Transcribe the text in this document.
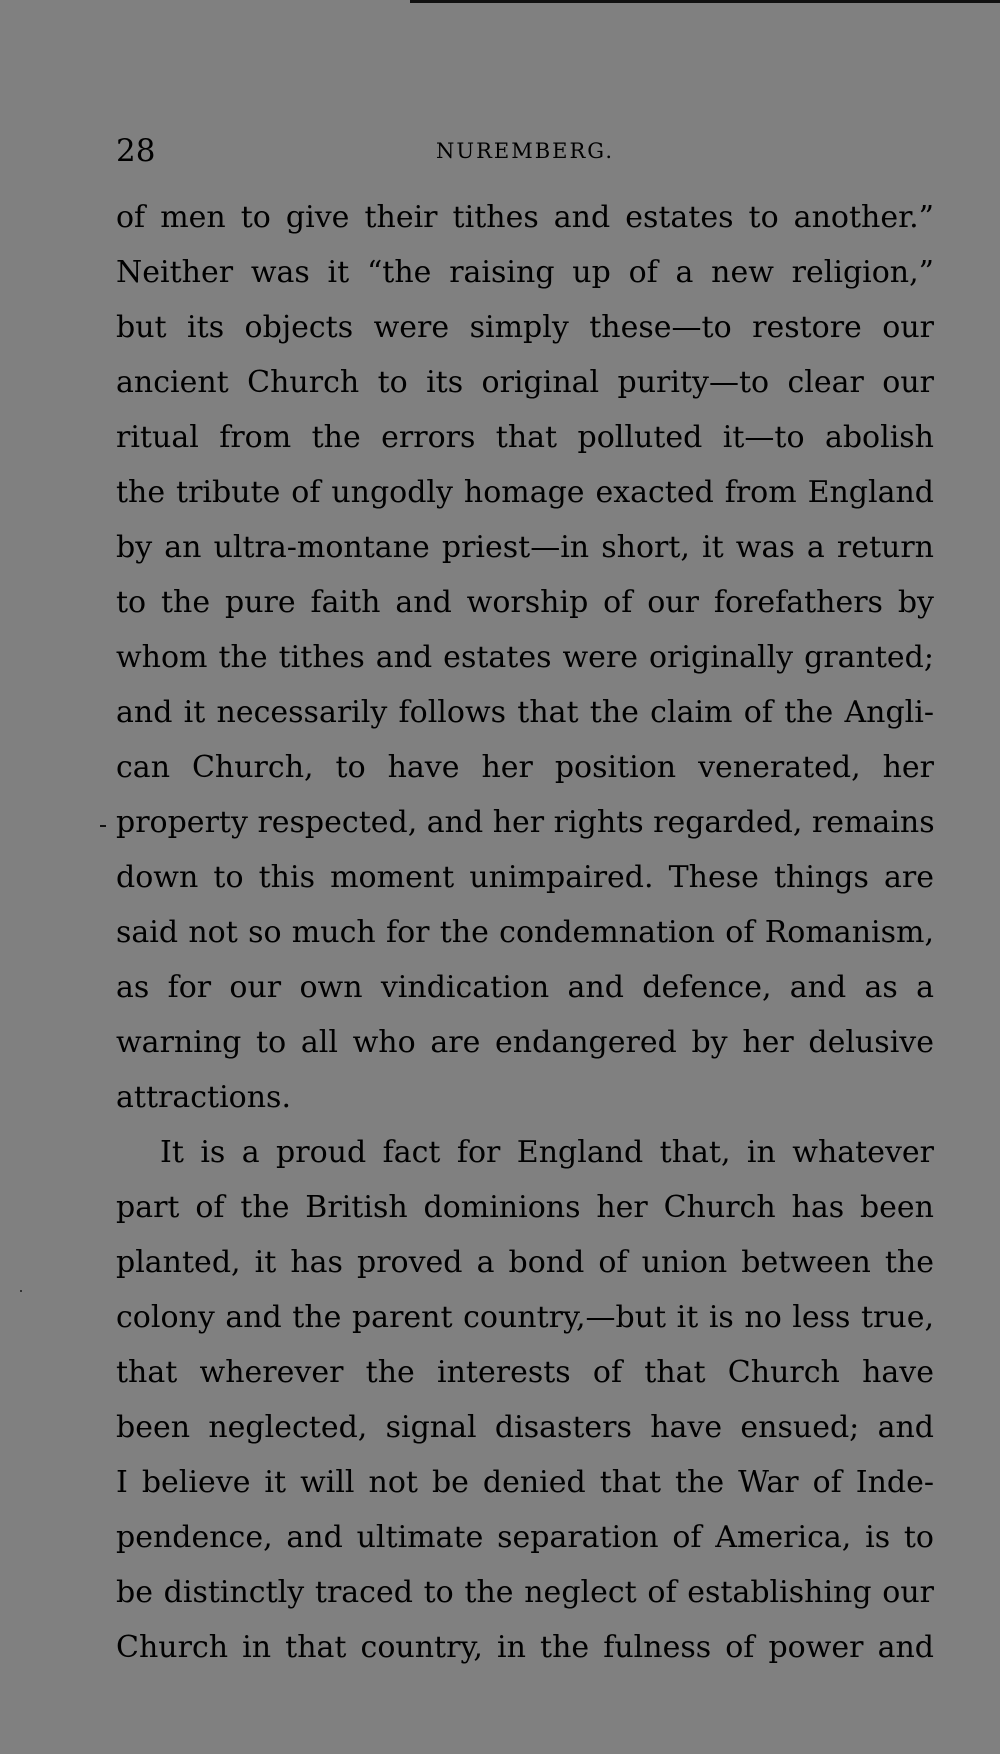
28	NUREMBERG.
of men to give their tithes and estates to another.”
Neither was it “the raising up of a new religion,”
but its objects were simply these—to restore our
ancient Church to its original purity—to clear our
ritual from the errors that polluted it—to abolish
the tribute of ungodly homage exacted from England
by an ultra-montane priest—in short, it was a return
to the pure faith and worship of our forefathers by
whom the tithes and estates were originally granted;
and it necessarily follows that the claim of the Angli-
can Church, to have her position venerated, her
property respected, and her rights regarded, remains
down to this moment unimpaired. These things are
said not so much for the condemnation of Romanism,
as for our own vindication and defence, and as a
warning to all who are endangered by her delusive
attractions.
It is a proud fact for England that, in whatever
part of the British dominions her Church has been
planted, it has proved a bond of union between the
colony and the parent country,—but it is no less true,
that wherever the interests of that Church have
been neglected, signal disasters have ensued; and
I believe it will not be denied that the War of Inde-
pendence, and ultimate separation of America, is to
be distinctly traced to the neglect of establishing our
Church in that country, in the fulness of power and
